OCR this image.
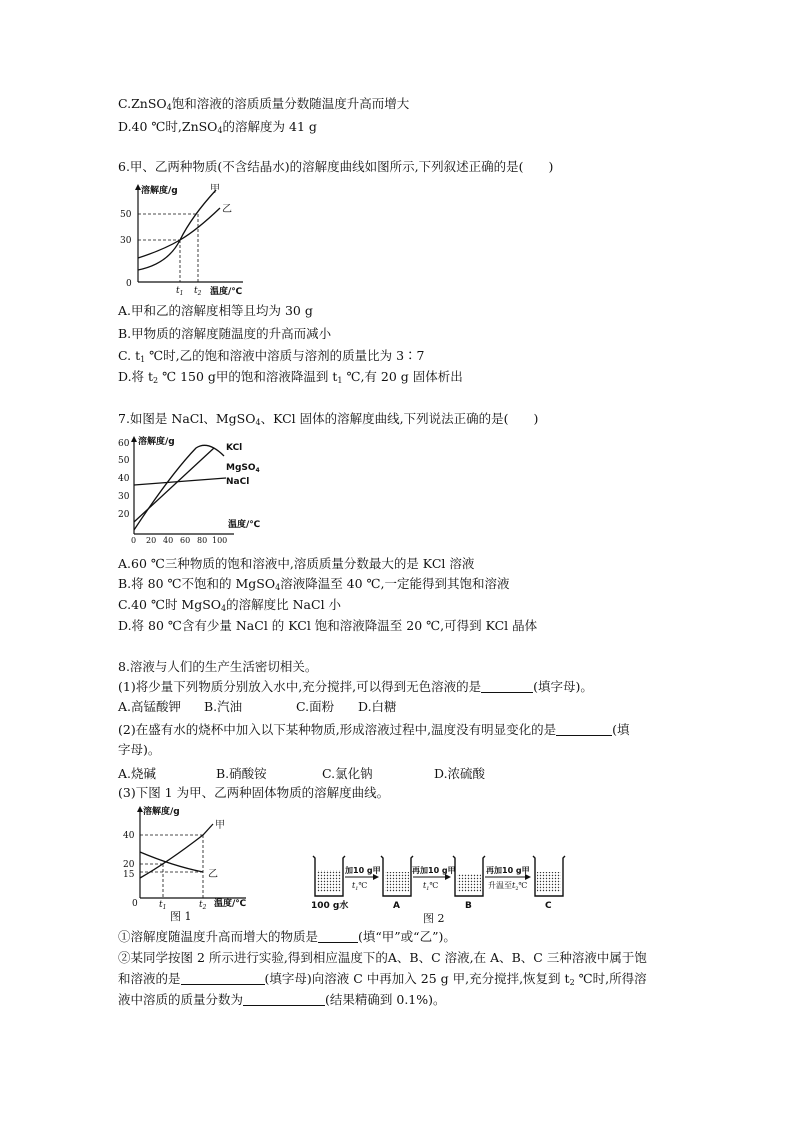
C.ZnSO$_4$饱和溶液的溶质质量分数随温度升高而增大
D.40 ℃时,ZnSO$_4$的溶解度为 41 g
6.甲、乙两种物质(不含结晶水)的溶解度曲线如图所示,下列叙述正确的是(　　)
溶解度/g	甲
乙
50
30
0
$t_1$ $t_2$ 温度/℃
A.甲和乙的溶解度相等且均为 30 g
B.甲物质的溶解度随温度的升高而减小
C. $t_1$ ℃时,乙的饱和溶液中溶质与溶剂的质量比为 3∶7
D.将 $t_2$ ℃ 150 g甲的饱和溶液降温到 $t_1$ ℃,有 20 g 固体析出
7.如图是 NaCl、MgSO$_4$、KCl 固体的溶解度曲线,下列说法正确的是(　　)
溶解度/g
KCl
MgSO$_4$
NaCl
60
50
40
30
20
0 20 40 60 80 100
温度/℃
A.60 ℃三种物质的饱和溶液中,溶质质量分数最大的是 KCl 溶液
B.将 80 ℃不饱和的 MgSO$_4$溶液降温至 40 ℃,一定能得到其饱和溶液
C.40 ℃时 MgSO$_4$的溶解度比 NaCl 小
D.将 80 ℃含有少量 NaCl 的 KCl 饱和溶液降温至 20 ℃,可得到 KCl 晶体
8.溶液与人们的生产生活密切相关。
(1)将少量下列物质分别放入水中,充分搅拌,可以得到无色溶液的是	(填字母)。
A.高锰酸钾 B.汽油	C.面粉 D.白糖
(2)在盛有水的烧杯中加入以下某种物质,形成溶液过程中,温度没有明显变化的是	(填
字母)。
A.烧碱	B.硝酸铵	C.氯化钠	D.浓硫酸
(3)下图 1 为甲、乙两种固体物质的溶解度曲线。
溶解度/g
甲
乙
40
20
15
0 $t_1$	$t_2$ 温度/℃
图 1
100 g水
加10 g甲
$t_1℃$
A
再加10 g甲
$t_1℃$
B
再加10 g甲
升温至$t_2℃$
C
图 2
①溶解度随温度升高而增大的物质是	(填“甲”或“乙”)。
②某同学按图 2 所示进行实验,得到相应温度下的A、B、C 溶液,在 A、B、C 三种溶液中属于饱
和溶液的是	(填字母)向溶液 C 中再加入 25 g 甲,充分搅拌,恢复到 $t_2$ ℃时,所得溶
液中溶质的质量分数为	(结果精确到 0.1%)。
